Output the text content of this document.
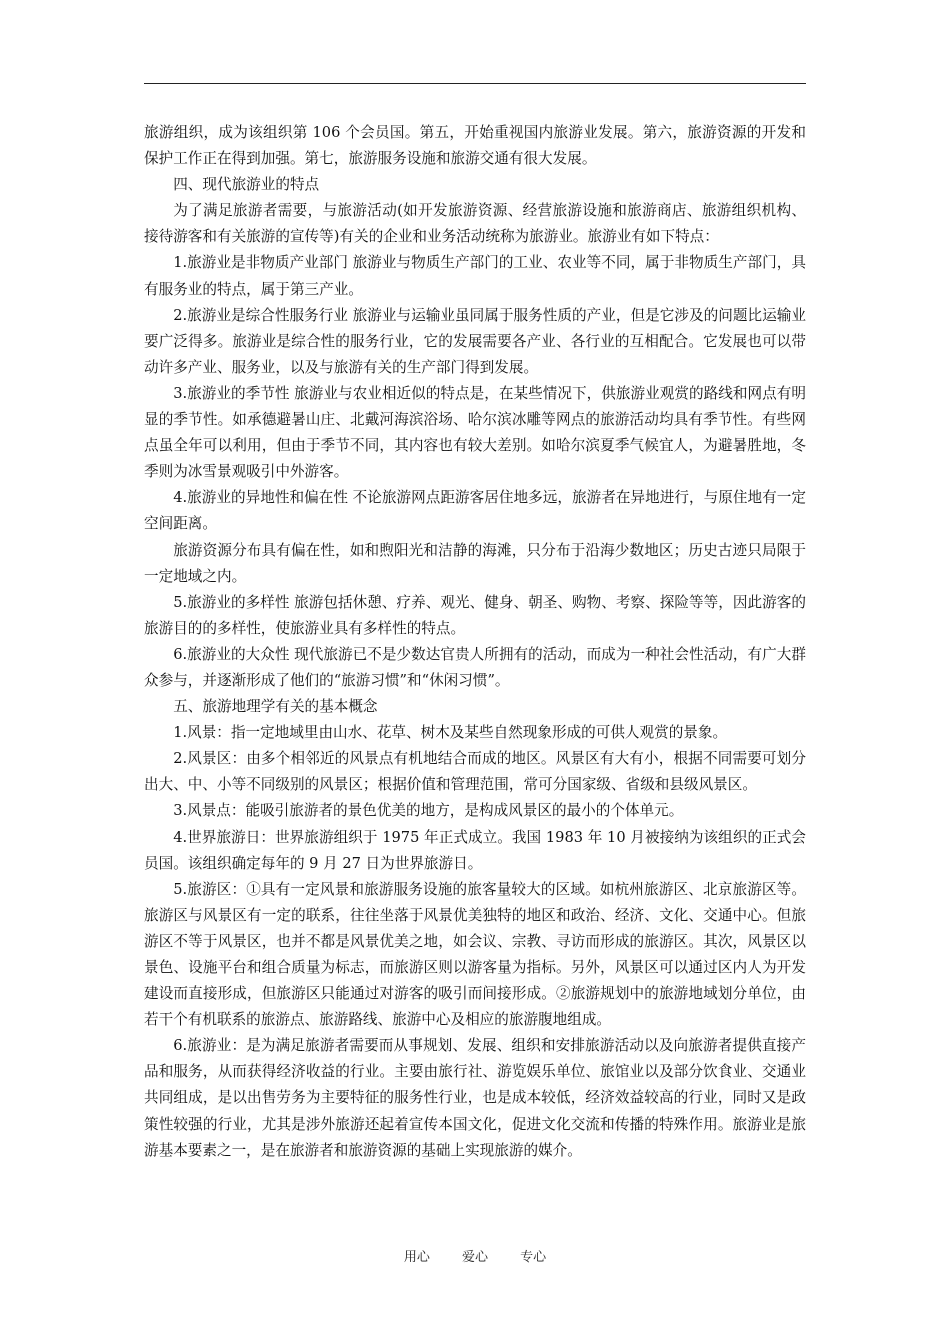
旅游组织，成为该组织第 106 个会员国。第五，开始重视国内旅游业发展。第六，旅游资源的开发和保护工作正在得到加强。第七，旅游服务设施和旅游交通有很大发展。

四、现代旅游业的特点

为了满足旅游者需要，与旅游活动(如开发旅游资源、经营旅游设施和旅游商店、旅游组织机构、接待游客和有关旅游的宣传等)有关的企业和业务活动统称为旅游业。旅游业有如下特点：

1.旅游业是非物质产业部门 旅游业与物质生产部门的工业、农业等不同，属于非物质生产部门，具有服务业的特点，属于第三产业。

2.旅游业是综合性服务行业 旅游业与运输业虽同属于服务性质的产业，但是它涉及的问题比运输业要广泛得多。旅游业是综合性的服务行业，它的发展需要各产业、各行业的互相配合。它发展也可以带动许多产业、服务业，以及与旅游有关的生产部门得到发展。

3.旅游业的季节性 旅游业与农业相近似的特点是，在某些情况下，供旅游业观赏的路线和网点有明显的季节性。如承德避暑山庄、北戴河海滨浴场、哈尔滨冰雕等网点的旅游活动均具有季节性。有些网点虽全年可以利用，但由于季节不同，其内容也有较大差别。如哈尔滨夏季气候宜人，为避暑胜地，冬季则为冰雪景观吸引中外游客。

4.旅游业的异地性和偏在性 不论旅游网点距游客居住地多远，旅游者在异地进行，与原住地有一定空间距离。

旅游资源分布具有偏在性，如和煦阳光和洁静的海滩，只分布于沿海少数地区；历史古迹只局限于一定地域之内。

5.旅游业的多样性 旅游包括休憩、疗养、观光、健身、朝圣、购物、考察、探险等等，因此游客的旅游目的的多样性，使旅游业具有多样性的特点。

6.旅游业的大众性 现代旅游已不是少数达官贵人所拥有的活动，而成为一种社会性活动，有广大群众参与，并逐渐形成了他们的“旅游习惯”和“休闲习惯”。

五、旅游地理学有关的基本概念

1.风景：指一定地域里由山水、花草、树木及某些自然现象形成的可供人观赏的景象。

2.风景区：由多个相邻近的风景点有机地结合而成的地区。风景区有大有小，根据不同需要可划分出大、中、小等不同级别的风景区；根据价值和管理范围，常可分国家级、省级和县级风景区。

3.风景点：能吸引旅游者的景色优美的地方，是构成风景区的最小的个体单元。

4.世界旅游日：世界旅游组织于 1975 年正式成立。我国 1983 年 10 月被接纳为该组织的正式会员国。该组织确定每年的 9 月 27 日为世界旅游日。

5.旅游区：①具有一定风景和旅游服务设施的旅客量较大的区域。如杭州旅游区、北京旅游区等。旅游区与风景区有一定的联系，往往坐落于风景优美独特的地区和政治、经济、文化、交通中心。但旅游区不等于风景区，也并不都是风景优美之地，如会议、宗教、寻访而形成的旅游区。其次，风景区以景色、设施平台和组合质量为标志，而旅游区则以游客量为指标。另外，风景区可以通过区内人为开发建设而直接形成，但旅游区只能通过对游客的吸引而间接形成。②旅游规划中的旅游地域划分单位，由若干个有机联系的旅游点、旅游路线、旅游中心及相应的旅游腹地组成。

6.旅游业：是为满足旅游者需要而从事规划、发展、组织和安排旅游活动以及向旅游者提供直接产品和服务，从而获得经济收益的行业。主要由旅行社、游览娱乐单位、旅馆业以及部分饮食业、交通业共同组成，是以出售劳务为主要特征的服务性行业，也是成本较低，经济效益较高的行业，同时又是政策性较强的行业，尤其是涉外旅游还起着宣传本国文化，促进文化交流和传播的特殊作用。旅游业是旅游基本要素之一，是在旅游者和旅游资源的基础上实现旅游的媒介。

用心 爱心 专心
